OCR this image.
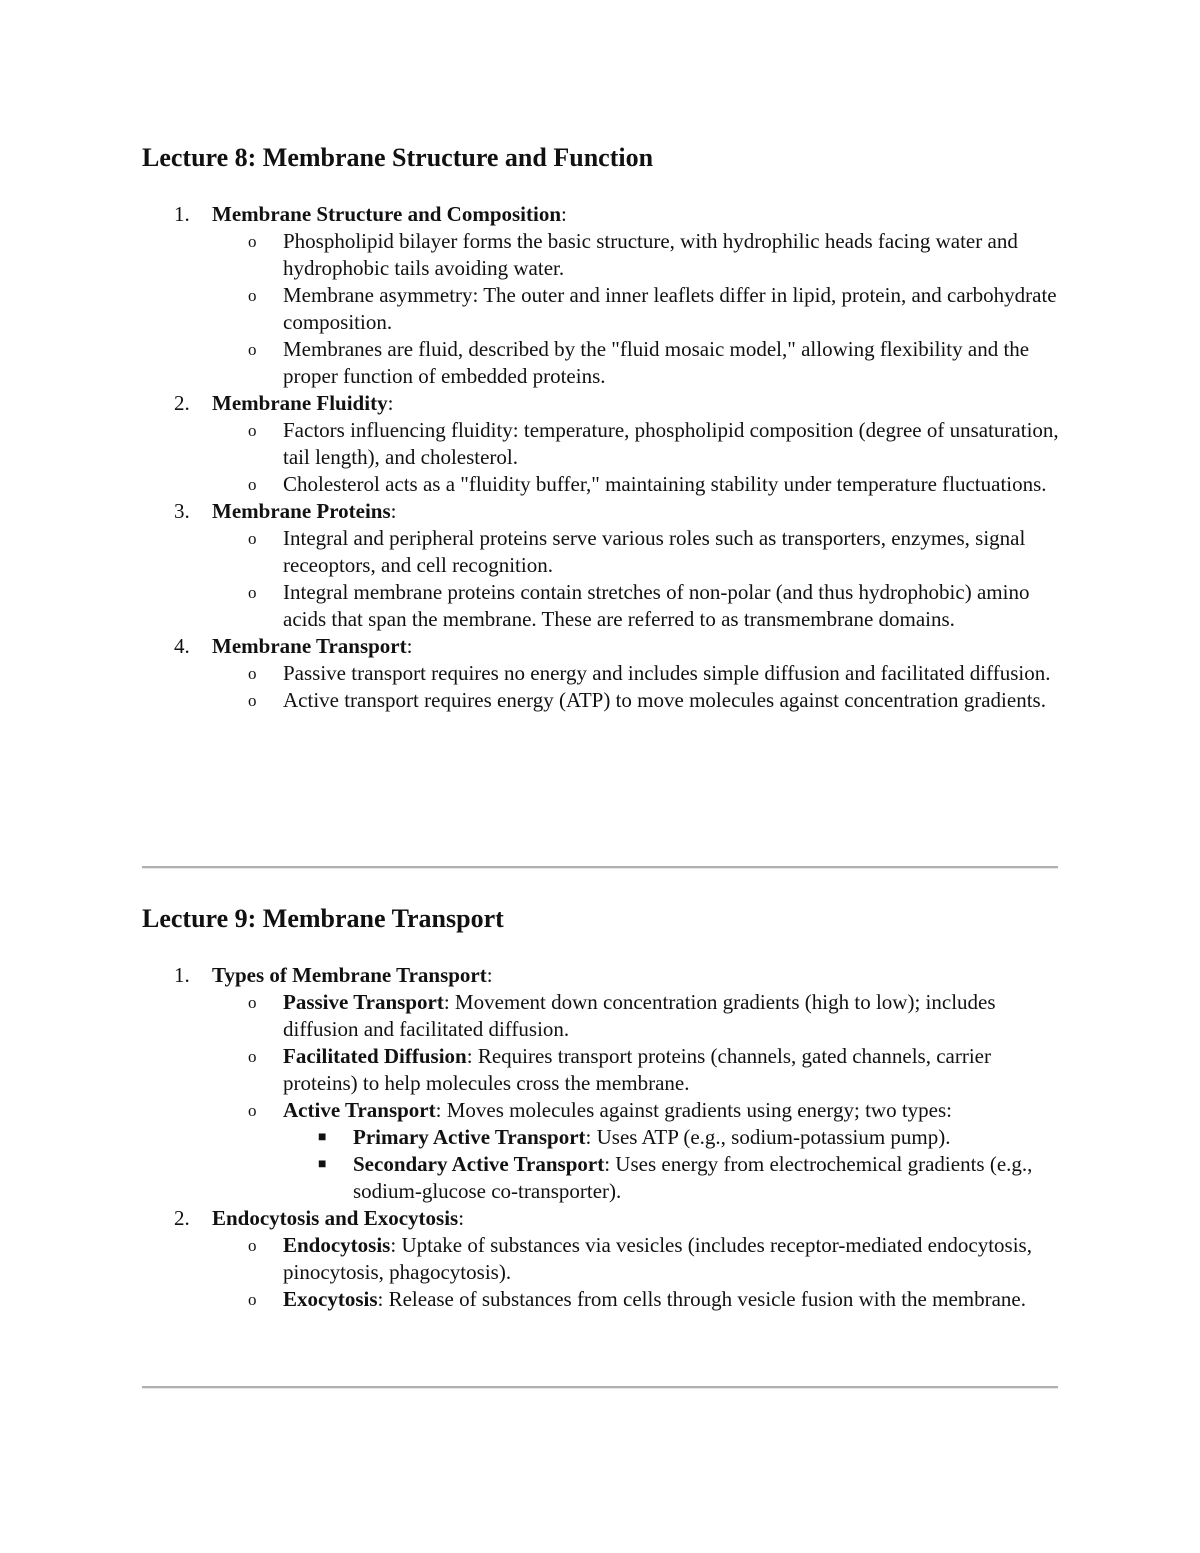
Lecture 8: Membrane Structure and Function
1. Membrane Structure and Composition:
o Phospholipid bilayer forms the basic structure, with hydrophilic heads facing water and hydrophobic tails avoiding water.
o Membrane asymmetry: The outer and inner leaflets differ in lipid, protein, and carbohydrate composition.
o Membranes are fluid, described by the "fluid mosaic model," allowing flexibility and the proper function of embedded proteins.
2. Membrane Fluidity:
o Factors influencing fluidity: temperature, phospholipid composition (degree of unsaturation, tail length), and cholesterol.
o Cholesterol acts as a "fluidity buffer," maintaining stability under temperature fluctuations.
3. Membrane Proteins:
o Integral and peripheral proteins serve various roles such as transporters, enzymes, signal receoptors, and cell recognition.
o Integral membrane proteins contain stretches of non-polar (and thus hydrophobic) amino acids that span the membrane. These are referred to as transmembrane domains.
4. Membrane Transport:
o Passive transport requires no energy and includes simple diffusion and facilitated diffusion.
o Active transport requires energy (ATP) to move molecules against concentration gradients.
Lecture 9: Membrane Transport
1. Types of Membrane Transport:
o Passive Transport: Movement down concentration gradients (high to low); includes diffusion and facilitated diffusion.
o Facilitated Diffusion: Requires transport proteins (channels, gated channels, carrier proteins) to help molecules cross the membrane.
o Active Transport: Moves molecules against gradients using energy; two types:
■ Primary Active Transport: Uses ATP (e.g., sodium-potassium pump).
■ Secondary Active Transport: Uses energy from electrochemical gradients (e.g., sodium-glucose co-transporter).
2. Endocytosis and Exocytosis:
o Endocytosis: Uptake of substances via vesicles (includes receptor-mediated endocytosis, pinocytosis, phagocytosis).
o Exocytosis: Release of substances from cells through vesicle fusion with the membrane.
